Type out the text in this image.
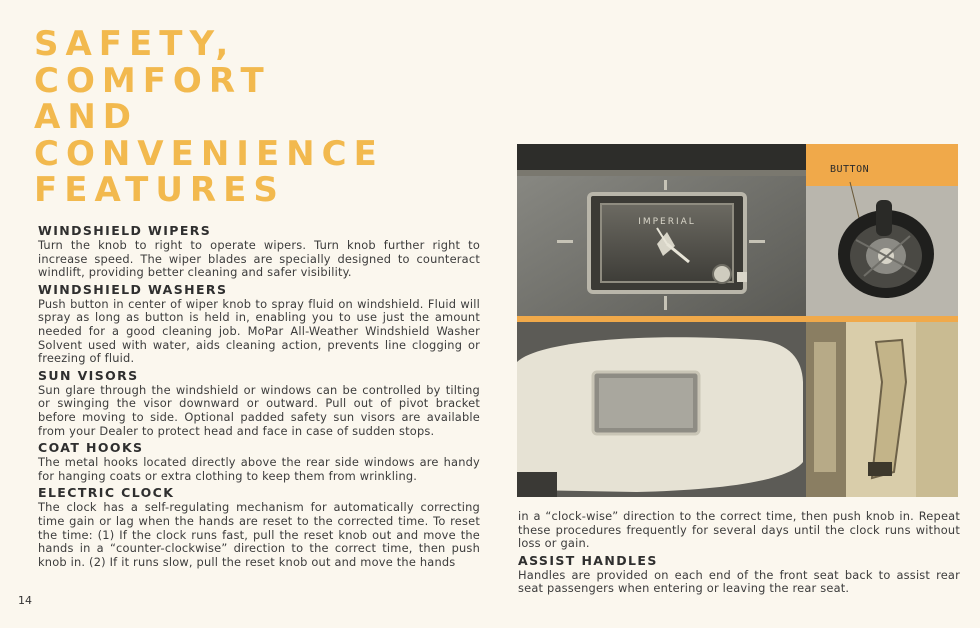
SAFETY,
COMFORT
AND
CONVENIENCE
FEATURES
WINDSHIELD WIPERS

Turn the knob to right to operate wipers. Turn knob further right to increase speed. The wiper blades are specially designed to counteract windlift, providing better cleaning and safer visibility.

WINDSHIELD WASHERS

Push button in center of wiper knob to spray fluid on windshield. Fluid will spray as long as button is held in, enabling you to use just the amount needed for a good cleaning job. MoPar All-Weather Windshield Washer Solvent used with water, aids cleaning action, prevents line clogging or freezing of fluid.

SUN VISORS

Sun glare through the windshield or windows can be controlled by tilting or swinging the visor downward or outward. Pull out of pivot bracket before moving to side. Optional padded safety sun visors are available from your Dealer to protect head and face in case of sudden stops.

COAT HOOKS

The metal hooks located directly above the rear side windows are handy for hanging coats or extra clothing to keep them from wrinkling.

ELECTRIC CLOCK

The clock has a self-regulating mechanism for automatically correcting time gain or lag when the hands are reset to the corrected time. To reset the time: (1) If the clock runs fast, pull the reset knob out and move the hands in a “counter-clockwise” direction to the correct time, then push knob in. (2) If it runs slow, pull the reset knob out and move the hands

IMPERIAL
BUTTON

in a “clock-wise” direction to the correct time, then push knob in. Repeat these procedures frequently for several days until the clock runs without loss or gain.

ASSIST HANDLES

Handles are provided on each end of the front seat back to assist rear seat passengers when entering or leaving the rear seat.

14
